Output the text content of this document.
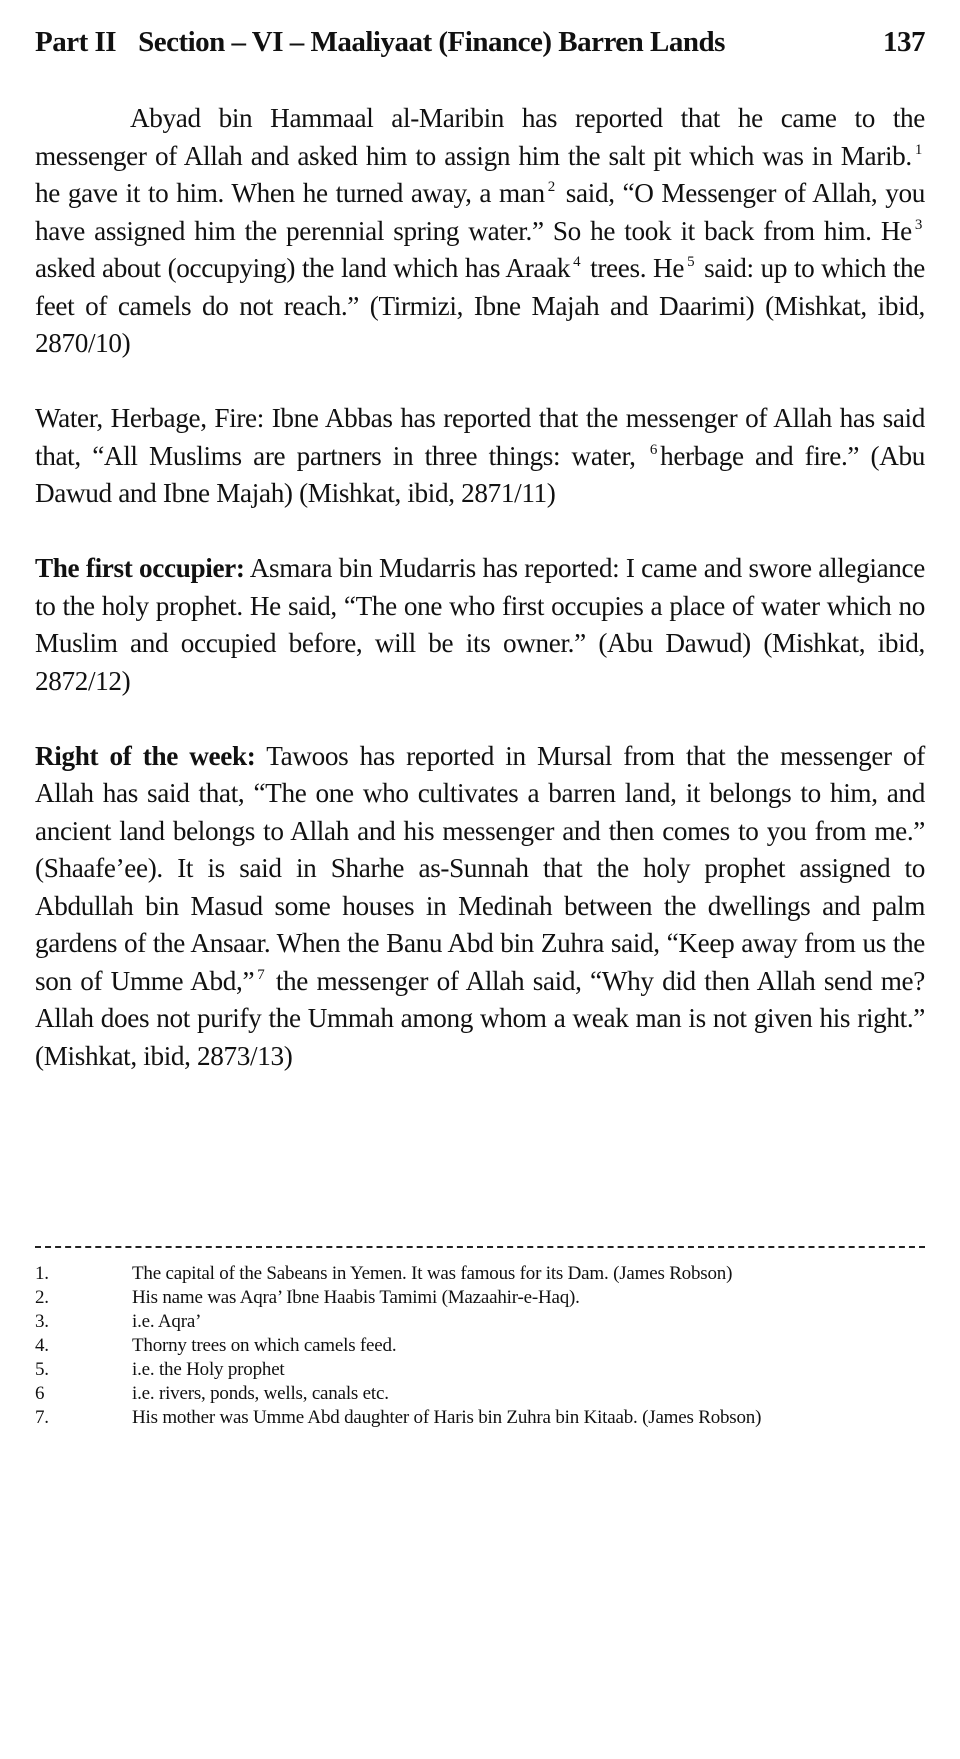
Part II Section – VI – Maaliyaat (Finance) Barren Lands	137

Abyad bin Hammaal al-Maribin has reported that he came to the messenger of Allah and asked him to assign him the salt pit which was in Marib. $^1$ he gave it to him. When he turned away, a man $^2$ said, “O Messenger of Allah, you have assigned him the perennial spring water.” So he took it back from him. He $^3$ asked about (occupying) the land which has Araak $^4$ trees. He $^5$ said: up to which the feet of camels do not reach.” (Tirmizi, Ibne Majah and Daarimi) (Mishkat, ibid, 2870/10)

Water, Herbage, Fire: Ibne Abbas has reported that the messenger of Allah has said that, “All Muslims are partners in three things: water, $^6$ herbage and fire.” (Abu Dawud and Ibne Majah) (Mishkat, ibid, 2871/11)

The first occupier: Asmara bin Mudarris has reported: I came and swore allegiance to the holy prophet. He said, “The one who first occupies a place of water which no Muslim and occupied before, will be its owner.” (Abu Dawud) (Mishkat, ibid, 2872/12)

Right of the week: Tawoos has reported in Mursal from that the messenger of Allah has said that, “The one who cultivates a barren land, it belongs to him, and ancient land belongs to Allah and his messenger and then comes to you from me.” (Shaafe’ee). It is said in Sharhe as-Sunnah that the holy prophet assigned to Abdullah bin Masud some houses in Medinah between the dwellings and palm gardens of the Ansaar. When the Banu Abd bin Zuhra said, “Keep away from us the son of Umme Abd,” $^7$ the messenger of Allah said, “Why did then Allah send me? Allah does not purify the Ummah among whom a weak man is not given his right.” (Mishkat, ibid, 2873/13)

1.	The capital of the Sabeans in Yemen. It was famous for its Dam. (James Robson)
2.	His name was Aqra’ Ibne Haabis Tamimi (Mazaahir-e-Haq).
3.	i.e. Aqra’
4.	Thorny trees on which camels feed.
5.	i.e. the Holy prophet
6	i.e. rivers, ponds, wells, canals etc.
7.	His mother was Umme Abd daughter of Haris bin Zuhra bin Kitaab. (James Robson)
